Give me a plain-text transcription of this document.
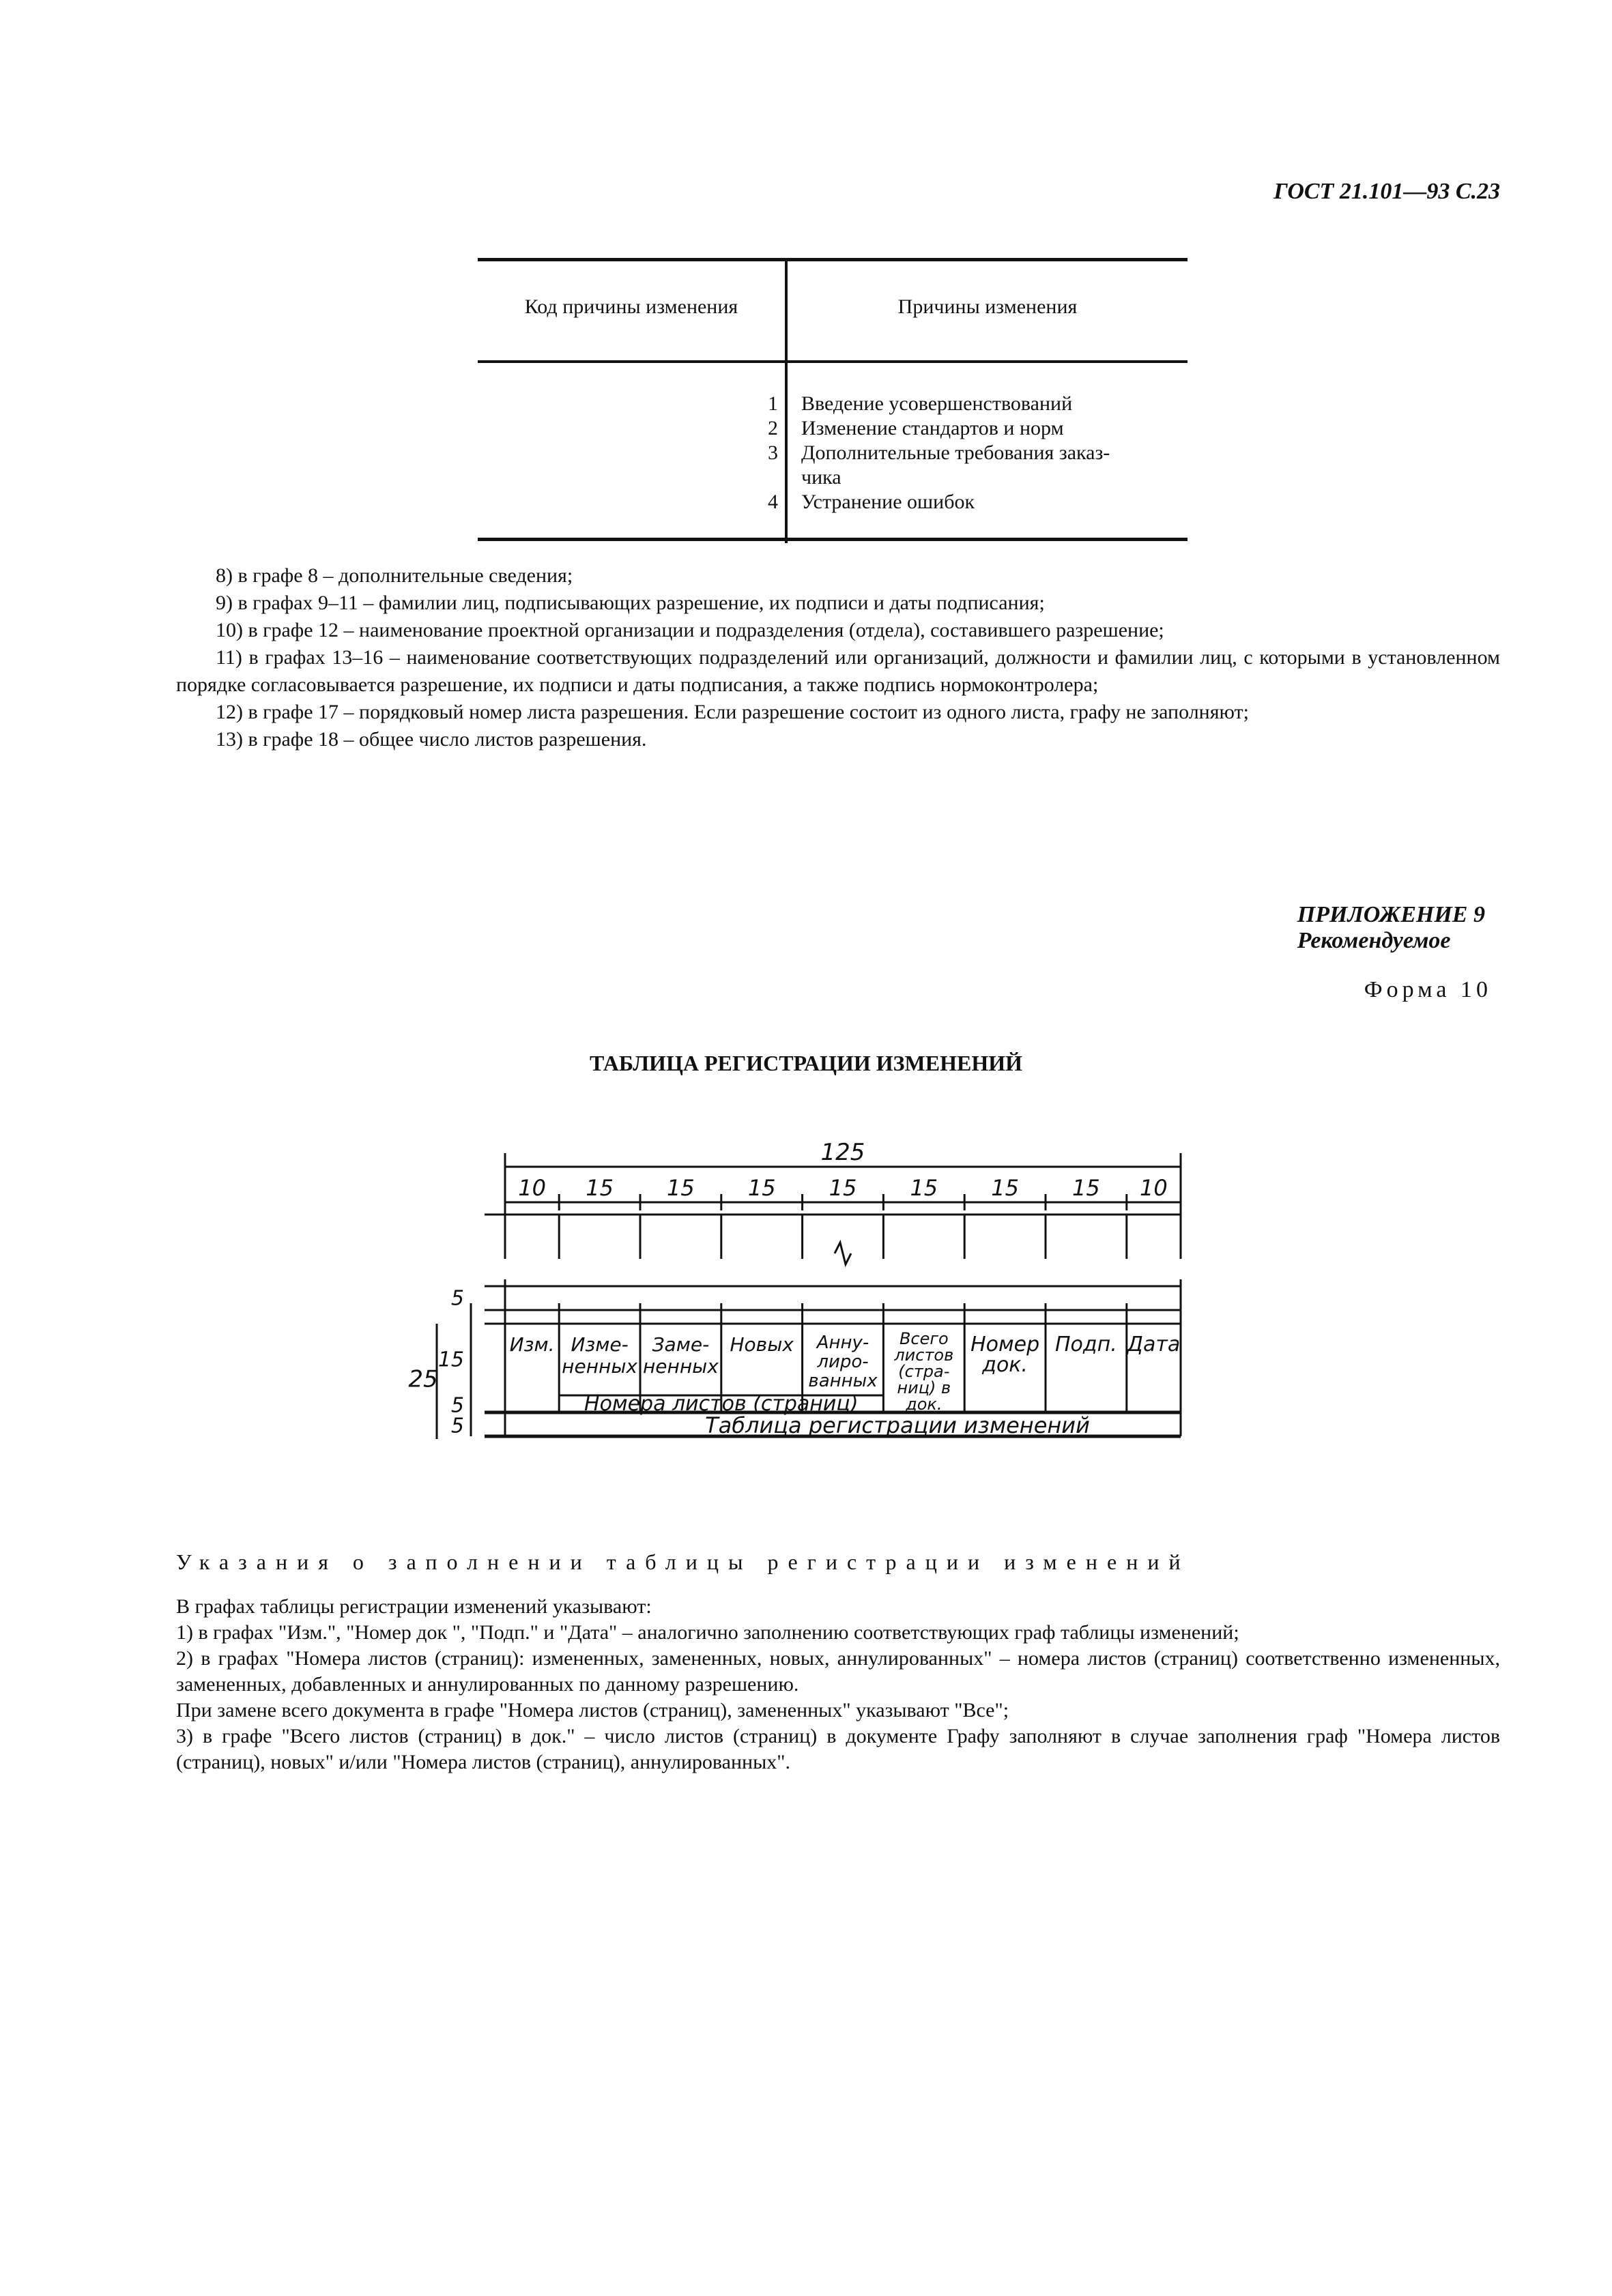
ГОСТ 21.101—93 С.23
Код причины изменения	Причины изменения
1
2
3
4
Введение усовершенствований
Изменение стандартов и норм
Дополнительные требования заказ-
чика
Устранение ошибок

8) в графе 8 – дополнительные сведения;

9) в графах 9–11 – фамилии лиц, подписывающих разрешение, их подписи и даты подписания;

10) в графе 12 – наименование проектной организации и подразделения (отдела), составившего разрешение;

11) в графах 13–16 – наименование соответствующих подразделений или организаций, должности и фамилии лиц, с которыми в установленном порядке согласовывается разрешение, их подписи и даты подписания, а также подпись нормоконтролера;

12) в графе 17 – порядковый номер листа разрешения. Если разрешение состоит из одного листа, графу не заполняют;

13) в графе 18 – общее число листов разрешения.

ПРИЛОЖЕНИЕ 9
Рекомендуемое
Форма 10
ТАБЛИЦА РЕГИСТРАЦИИ ИЗМЕНЕНИЙ
125
10 15 15 15 15 15 15 15 10
25
5
15
5
5
Изм. Изме-
ненных
Заме-
ненных
Новых Анну-
лиро-
ванных
Всего
листов
(стра-
ниц) в
док.
Номер
док.
Подп. Дата
Номера листов (страниц)
Таблица регистрации изменений
Указания о заполнении таблицы регистрации изменений

В графах таблицы регистрации изменений указывают:

1) в графах "Изм.", "Номер док ", "Подп." и "Дата" – аналогично заполнению соответствующих граф таблицы изменений;

2) в графах "Номера листов (страниц): измененных, замененных, новых, аннулированных" – номера листов (страниц) соответственно измененных, замененных, добавленных и аннулированных по данному разрешению.

При замене всего документа в графе "Номера листов (страниц), замененных" указывают "Все";

3) в графе "Всего листов (страниц) в док." – число листов (страниц) в документе Графу заполняют в случае заполнения граф "Номера листов (страниц), новых" и/или "Номера листов (страниц), аннулированных".
